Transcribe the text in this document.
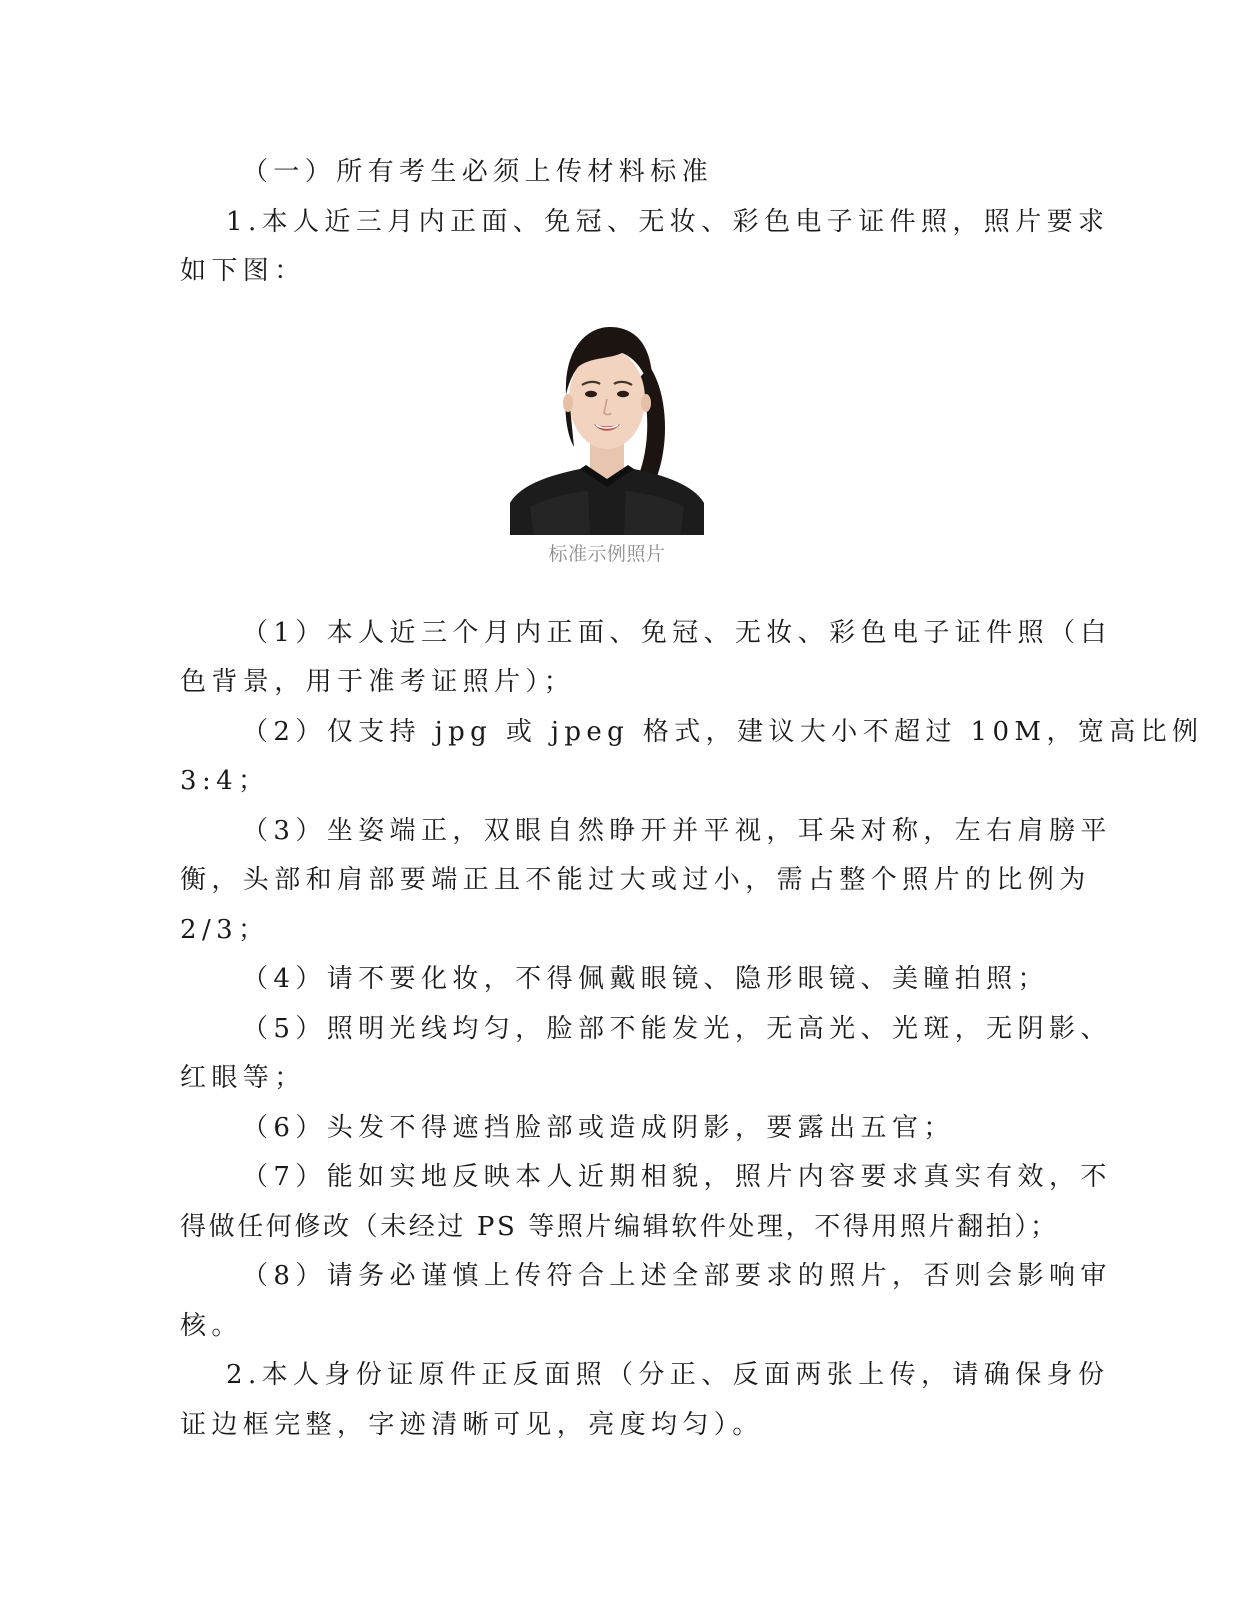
（一）所有考生必须上传材料标准

1.本人近三月内正面、免冠、无妆、彩色电子证件照，照片要求

如下图：

标准示例照片

（1）本人近三个月内正面、免冠、无妆、彩色电子证件照（白

色背景，用于准考证照片）；

（2）仅支持 jpg 或 jpeg 格式，建议大小不超过 10M，宽高比例

3:4；

（3）坐姿端正，双眼自然睁开并平视，耳朵对称，左右肩膀平

衡，头部和肩部要端正且不能过大或过小，需占整个照片的比例为

2/3；

（4）请不要化妆，不得佩戴眼镜、隐形眼镜、美瞳拍照；

（5）照明光线均匀，脸部不能发光，无高光、光斑，无阴影、

红眼等；

（6）头发不得遮挡脸部或造成阴影，要露出五官；

（7）能如实地反映本人近期相貌，照片内容要求真实有效，不

得做任何修改（未经过 PS 等照片编辑软件处理，不得用照片翻拍）；

（8）请务必谨慎上传符合上述全部要求的照片，否则会影响审

核。

2.本人身份证原件正反面照（分正、反面两张上传，请确保身份

证边框完整，字迹清晰可见，亮度均匀）。
